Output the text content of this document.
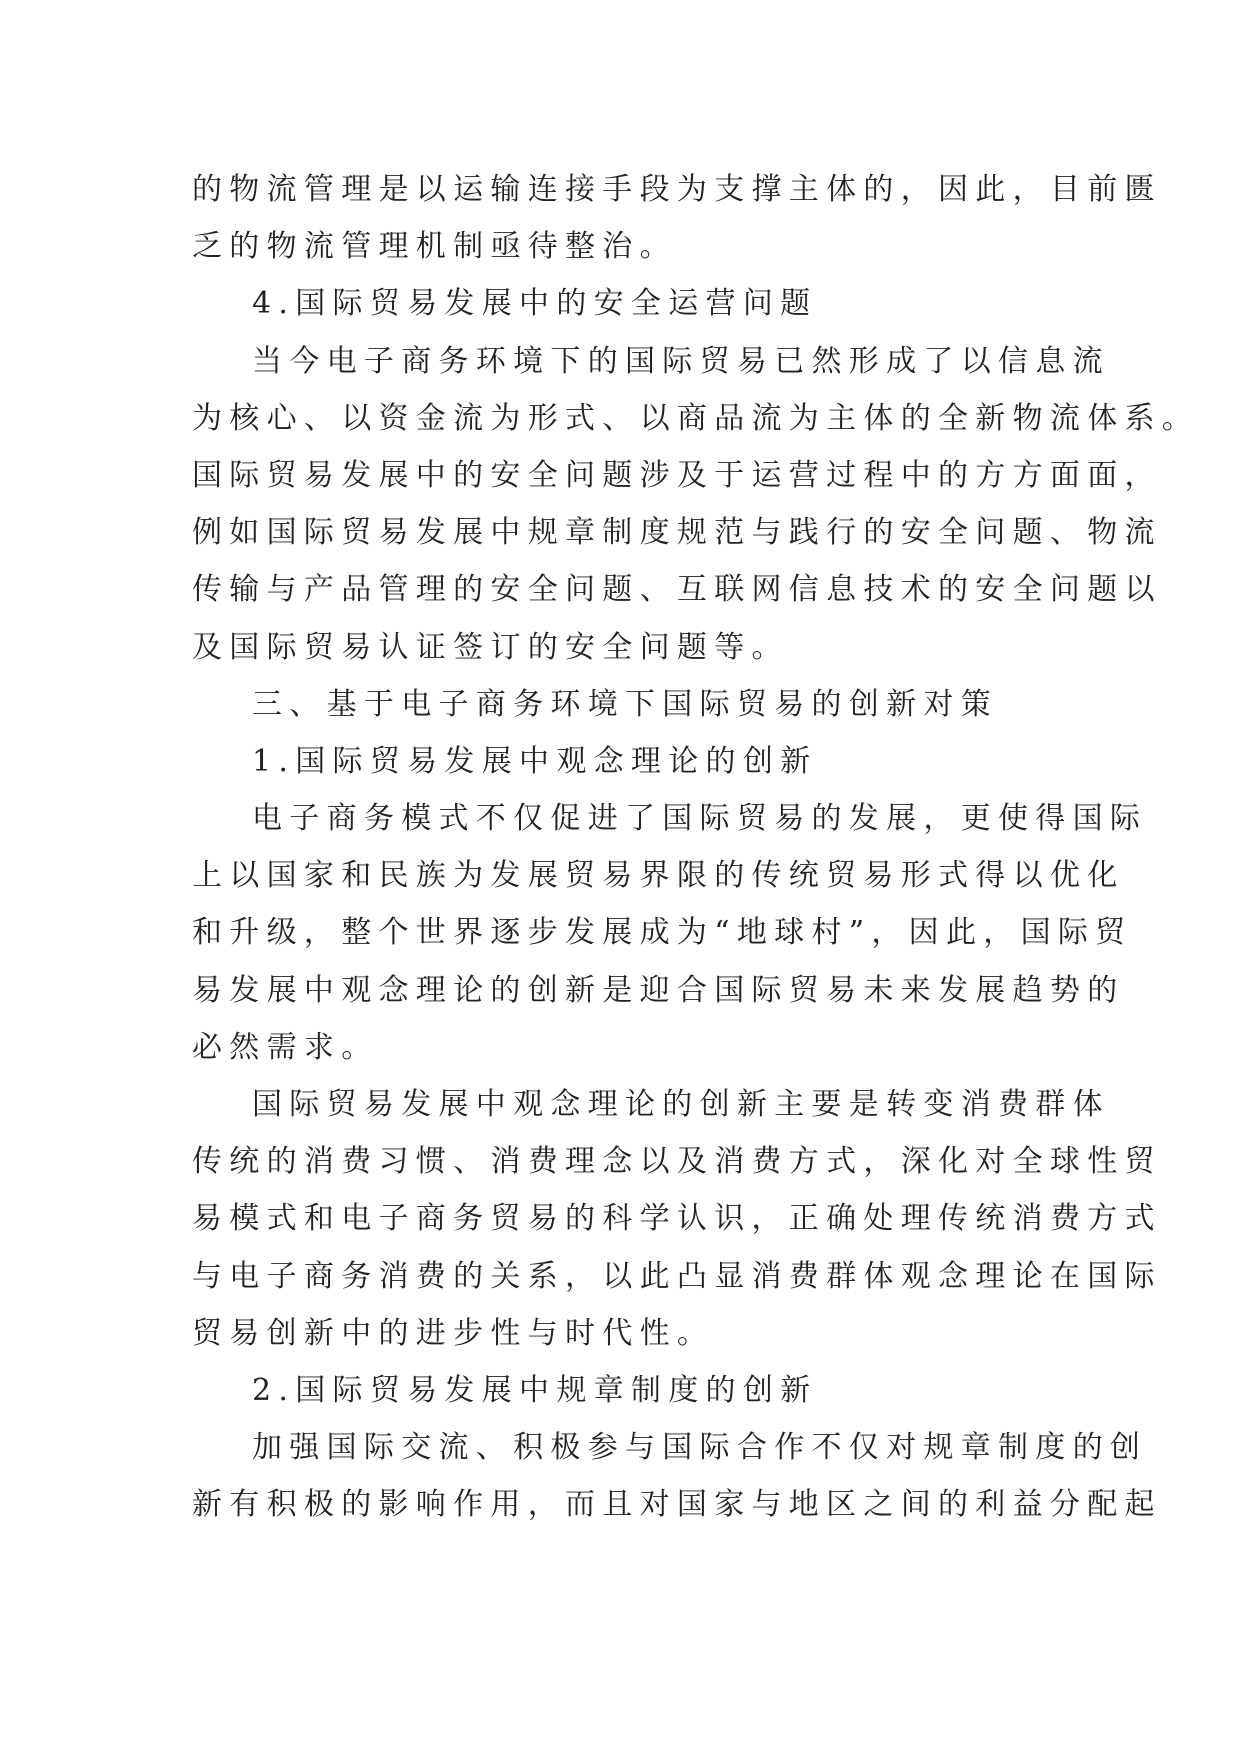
的物流管理是以运输连接手段为支撑主体的，因此，目前匮
乏的物流管理机制亟待整治。
4.国际贸易发展中的安全运营问题
当今电子商务环境下的国际贸易已然形成了以信息流
为核心、以资金流为形式、以商品流为主体的全新物流体系。
国际贸易发展中的安全问题涉及于运营过程中的方方面面，
例如国际贸易发展中规章制度规范与践行的安全问题、物流
传输与产品管理的安全问题、互联网信息技术的安全问题以
及国际贸易认证签订的安全问题等。
三、基于电子商务环境下国际贸易的创新对策
1.国际贸易发展中观念理论的创新
电子商务模式不仅促进了国际贸易的发展，更使得国际
上以国家和民族为发展贸易界限的传统贸易形式得以优化
和升级，整个世界逐步发展成为“地球村”，因此，国际贸
易发展中观念理论的创新是迎合国际贸易未来发展趋势的
必然需求。
国际贸易发展中观念理论的创新主要是转变消费群体
传统的消费习惯、消费理念以及消费方式，深化对全球性贸
易模式和电子商务贸易的科学认识，正确处理传统消费方式
与电子商务消费的关系，以此凸显消费群体观念理论在国际
贸易创新中的进步性与时代性。
2.国际贸易发展中规章制度的创新
加强国际交流、积极参与国际合作不仅对规章制度的创
新有积极的影响作用，而且对国家与地区之间的利益分配起
